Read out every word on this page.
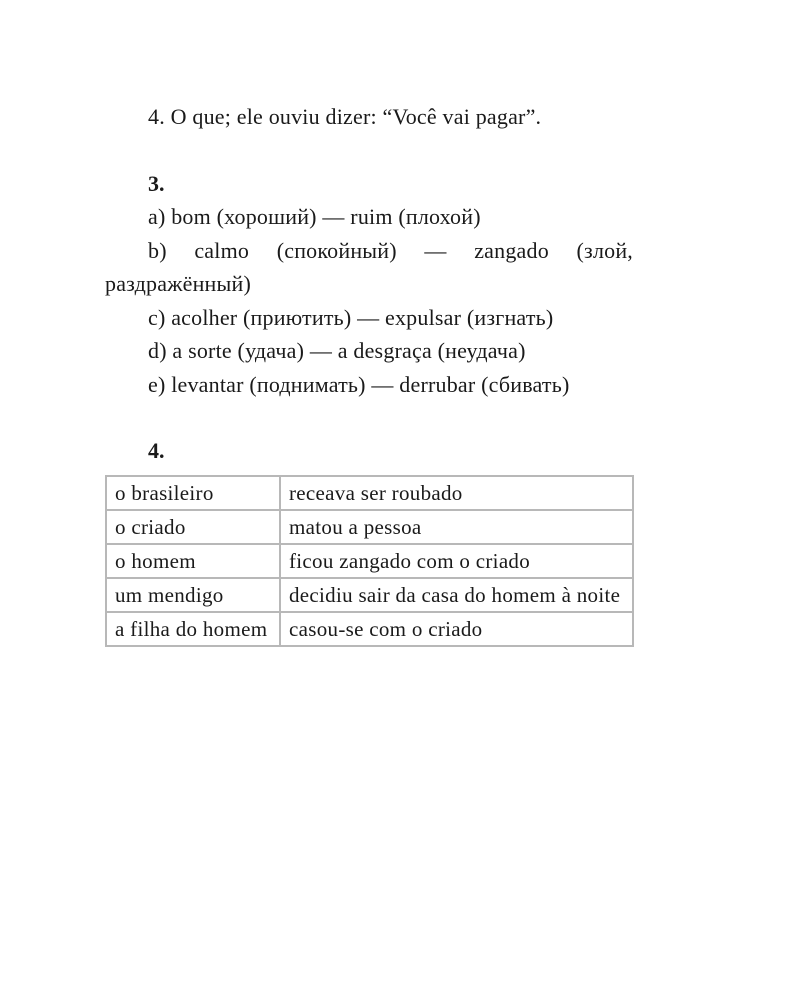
4. O que; ele ouviu dizer: “Você vai pagar”.

3.

a) bom (хороший) — ruim (плохой)

b) calmo (спокойный) — zangado (злой, раздражённый)

c) acolher (приютить) — expulsar (изгнать)

d) a sorte (удача) — a desgraça (неудача)

e) levantar (поднимать) — derrubar (сбивать)

4.

o brasileiro	receava ser roubado
o criado	matou a pessoa
o homem	ficou zangado com o criado
um mendigo	decidiu sair da casa do homem à noite
a filha do homem	casou-se com o criado
